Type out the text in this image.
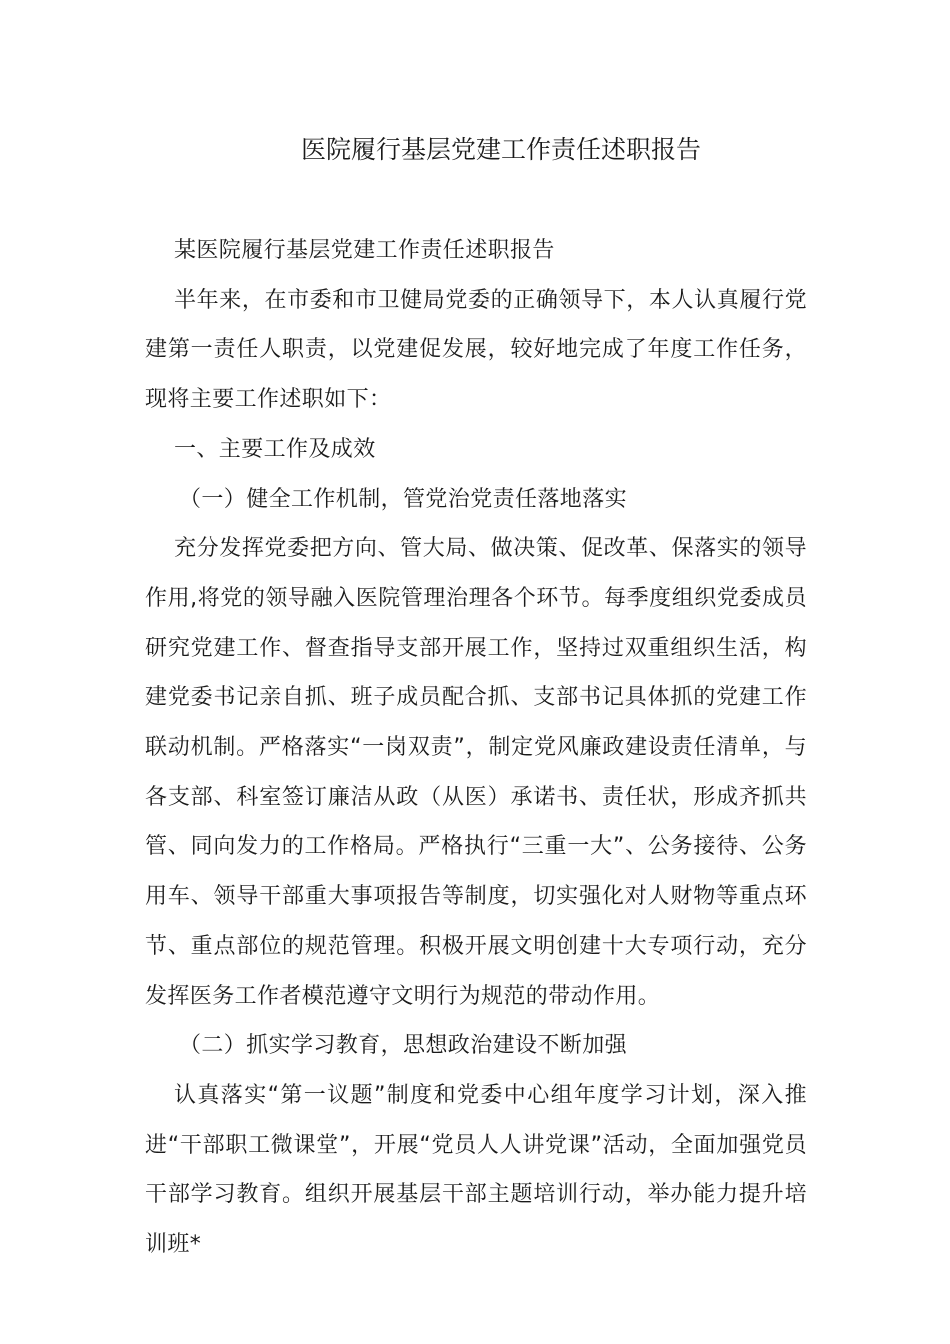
医院履行基层党建工作责任述职报告

某医院履行基层党建工作责任述职报告

半年来，在市委和市卫健局党委的正确领导下，本人认真履行党建第一责任人职责，以党建促发展，较好地完成了年度工作任务，现将主要工作述职如下：

一、主要工作及成效

（一）健全工作机制，管党治党责任落地落实

充分发挥党委把方向、管大局、做决策、促改革、保落实的领导作用,将党的领导融入医院管理治理各个环节。每季度组织党委成员研究党建工作、督查指导支部开展工作，坚持过双重组织生活，构建党委书记亲自抓、班子成员配合抓、支部书记具体抓的党建工作联动机制。严格落实“一岗双责”，制定党风廉政建设责任清单，与各支部、科室签订廉洁从政（从医）承诺书、责任状，形成齐抓共管、同向发力的工作格局。严格执行“三重一大”、公务接待、公务用车、领导干部重大事项报告等制度，切实强化对人财物等重点环节、重点部位的规范管理。积极开展文明创建十大专项行动，充分发挥医务工作者模范遵守文明行为规范的带动作用。

（二）抓实学习教育，思想政治建设不断加强

认真落实“第一议题”制度和党委中心组年度学习计划，深入推进“干部职工微课堂”，开展“党员人人讲党课”活动，全面加强党员干部学习教育。组织开展基层干部主题培训行动，举办能力提升培训班*
